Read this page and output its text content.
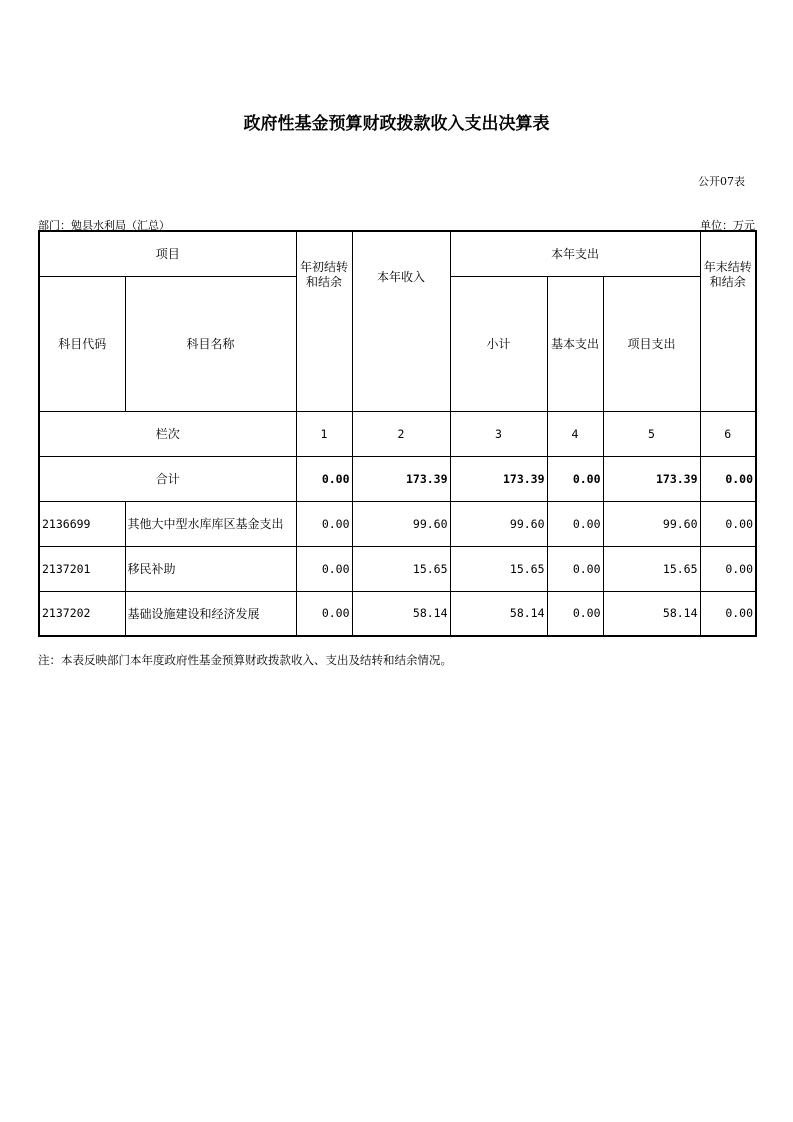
政府性基金预算财政拨款收入支出决算表
公开07表
部门：勉县水利局（汇总）	单位：万元
项目		年初结转和结余	本年收入	本年支出			年末结转和结余
科目代码	科目名称			小计	基本支出	项目支出	
栏次		1	2	3	4	5	6
合计		0.00	173.39	173.39	0.00	173.39	0.00
2136699	其他大中型水库库区基金支出	0.00	99.60	99.60	0.00	99.60	0.00
2137201	移民补助	0.00	15.65	15.65	0.00	15.65	0.00
2137202	基础设施建设和经济发展	0.00	58.14	58.14	0.00	58.14	0.00
注：本表反映部门本年度政府性基金预算财政拨款收入、支出及结转和结余情况。
